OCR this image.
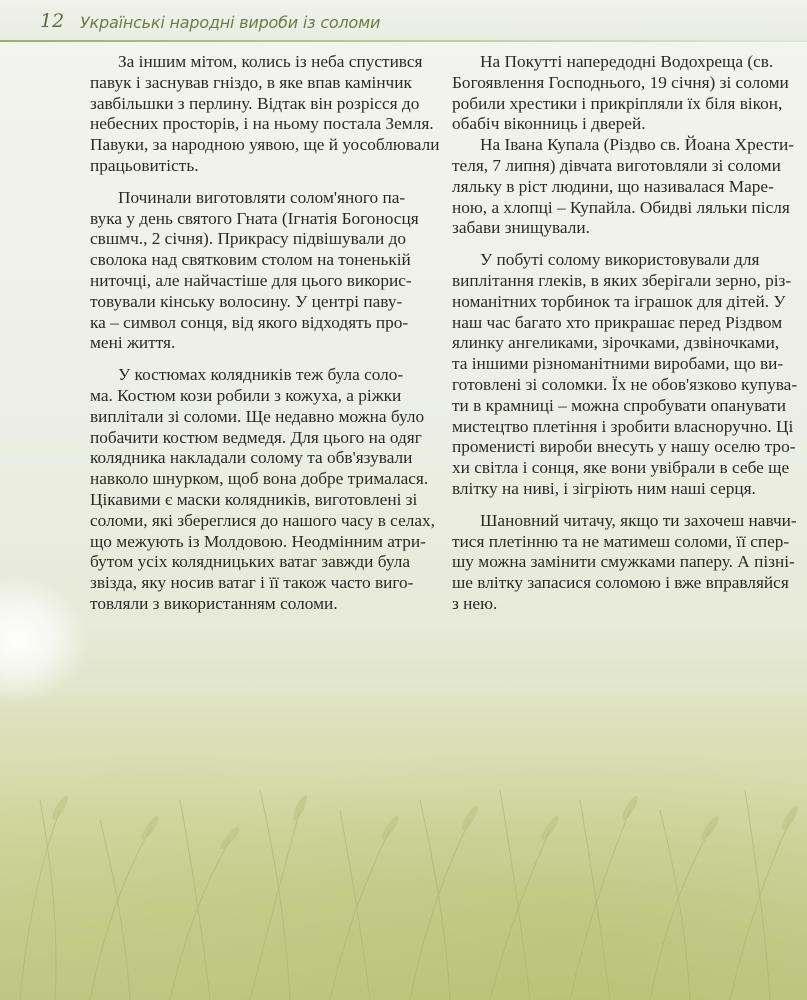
12 Українські народні вироби із соломи
За іншим мітом, колись із неба спустився
павук і заснував гніздо, в яке впав камінчик
завбільшки з перлину. Відтак він розрісся до
небесних просторів, і на ньому постала Земля.
Павуки, за народною уявою, ще й уособлювали
працьовитість.
Починали виготовляти солом'яного па-
вука у день святого Гната (Ігнатія Богоносця
свшмч., 2 січня). Прикрасу підвішували до
сволока над святковим столом на тоненькій
ниточці, але найчастіше для цього викорис-
товували кінську волосину. У центрі паву-
ка – символ сонця, від якого відходять про-
мені життя.
У костюмах колядників теж була соло-
ма. Костюм кози робили з кожуха, а ріжки
виплітали зі соломи. Ще недавно можна було
побачити костюм ведмедя. Для цього на одяг
колядника накладали солому та обв'язували
навколо шнурком, щоб вона добре трималася.
Цікавими є маски колядників, виготовлені зі
соломи, які збереглися до нашого часу в селах,
що межують із Молдовою. Неодмінним атри-
бутом усіх колядницьких ватаг завжди була
звізда, яку носив ватаг і її також часто виго-
товляли з використанням соломи.
На Покутті напередодні Водохреща (св.
Богоявлення Господнього, 19 січня) зі соломи
робили хрестики і прикріпляли їх біля вікон,
обабіч віконниць і дверей.
На Івана Купала (Різдво св. Йоана Хрести-
теля, 7 липня) дівчата виготовляли зі соломи
ляльку в ріст людини, що називалася Маре-
ною, а хлопці – Купайла. Обидві ляльки після
забави знищували.
У побуті солому використовували для
виплітання глеків, в яких зберігали зерно, різ-
номанітних торбинок та іграшок для дітей. У
наш час багато хто прикрашає перед Різдвом
ялинку ангеликами, зірочками, дзвіночками,
та іншими різноманітними виробами, що ви-
готовлені зі соломки. Їх не обов'язково купува-
ти в крамниці – можна спробувати опанувати
мистецтво плетіння і зробити власноручно. Ці
променисті вироби внесуть у нашу оселю тро-
хи світла і сонця, яке вони увібрали в себе ще
влітку на ниві, і зігріють ним наші серця.
Шановний читачу, якщо ти захочеш навчи-
тися плетінню та не матимеш соломи, її спер-
шу можна замінити смужками паперу. А пізні-
ше влітку запасися соломою і вже вправляйся
з нею.
